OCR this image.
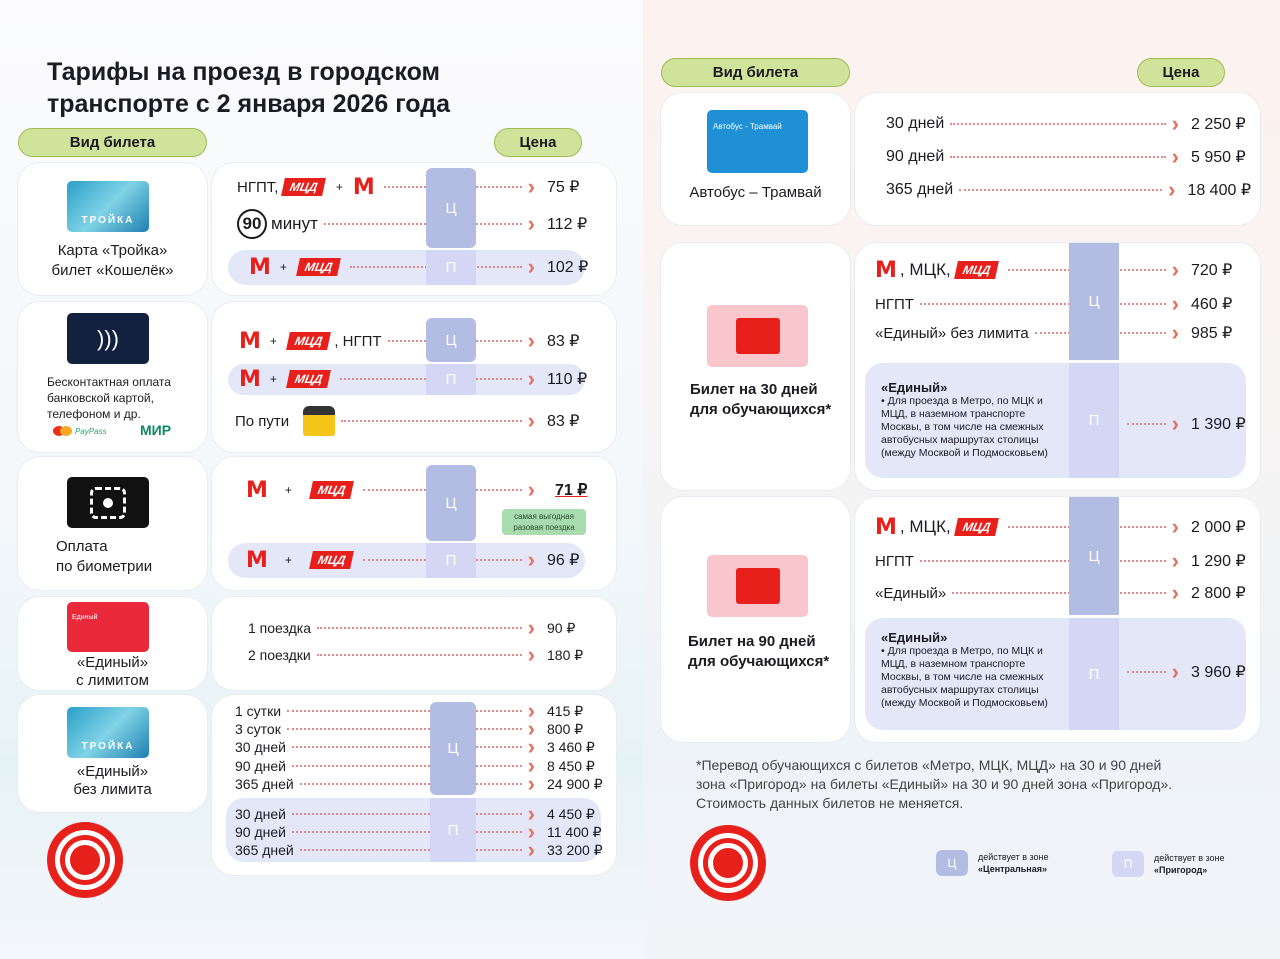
Тарифы на проезд в городском
транспорте с 2 января 2026 года
Вид билета	Цена
ТРОЙКА
Карта «Тройка»
билет «Кошелёк»
Ц
П
НГПТ, МЦД	+ М	› 75 ₽
90 минут	› 112 ₽
М +	МЦД	› 102 ₽
)))
Бесконтактная оплата
банковской картой,
телефоном и др.
PayPass МИР
Ц
П
М +	МЦД , НГПТ	› 83 ₽
М +	МЦД	› 110 ₽
По пути	› 83 ₽
Оплата
по биометрии
Ц
П
М +	МЦД	›	71 ₽
самая выгодная разовая поездка
М +	МЦД	› 96 ₽
Единый
«Единый»
с лимитом
1 поездка	› 90 ₽
2 поездки	› 180 ₽
ТРОЙКА
«Единый»
без лимита
Ц
П
1 сутки	› 415 ₽
3 суток	› 800 ₽
30 дней	› 3 460 ₽
90 дней	› 8 450 ₽
365 дней	› 24 900 ₽
30 дней	› 4 450 ₽
90 дней	› 11 400 ₽
365 дней	› 33 200 ₽
Вид билета	Цена
Автобус - Трамвай
Автобус – Трамвай
30 дней	› 2 250 ₽
90 дней	› 5 950 ₽
365 дней	› 18 400 ₽
Билет на 30 дней
для обучающихся*
Ц
П
М , МЦК, МЦД	› 720 ₽
НГПТ	› 460 ₽
«Единый» без лимита	› 985 ₽
«Единый»
• Для проезда в Метро, по МЦК и МЦД, в наземном транспорте Москвы, в том числе на смежных автобусных маршрутах столицы (между Москвой и Подмосковьем)
› 1 390 ₽
Билет на 90 дней
для обучающихся*
Ц
П
М , МЦК, МЦД	› 2 000 ₽
НГПТ	› 1 290 ₽
«Единый»	› 2 800 ₽
«Единый»
• Для проезда в Метро, по МЦК и МЦД, в наземном транспорте Москвы, в том числе на смежных автобусных маршрутах столицы (между Москвой и Подмосковьем)
› 3 960 ₽
*Перевод обучающихся с билетов «Метро, МЦК, МЦД» на 30 и 90 дней
зона «Пригород» на билеты «Единый» на 30 и 90 дней зона «Пригород».
Стоимость данных билетов не меняется.
Ц	действует в зоне
«Центральная»	П	действует в зоне
«Пригород»
